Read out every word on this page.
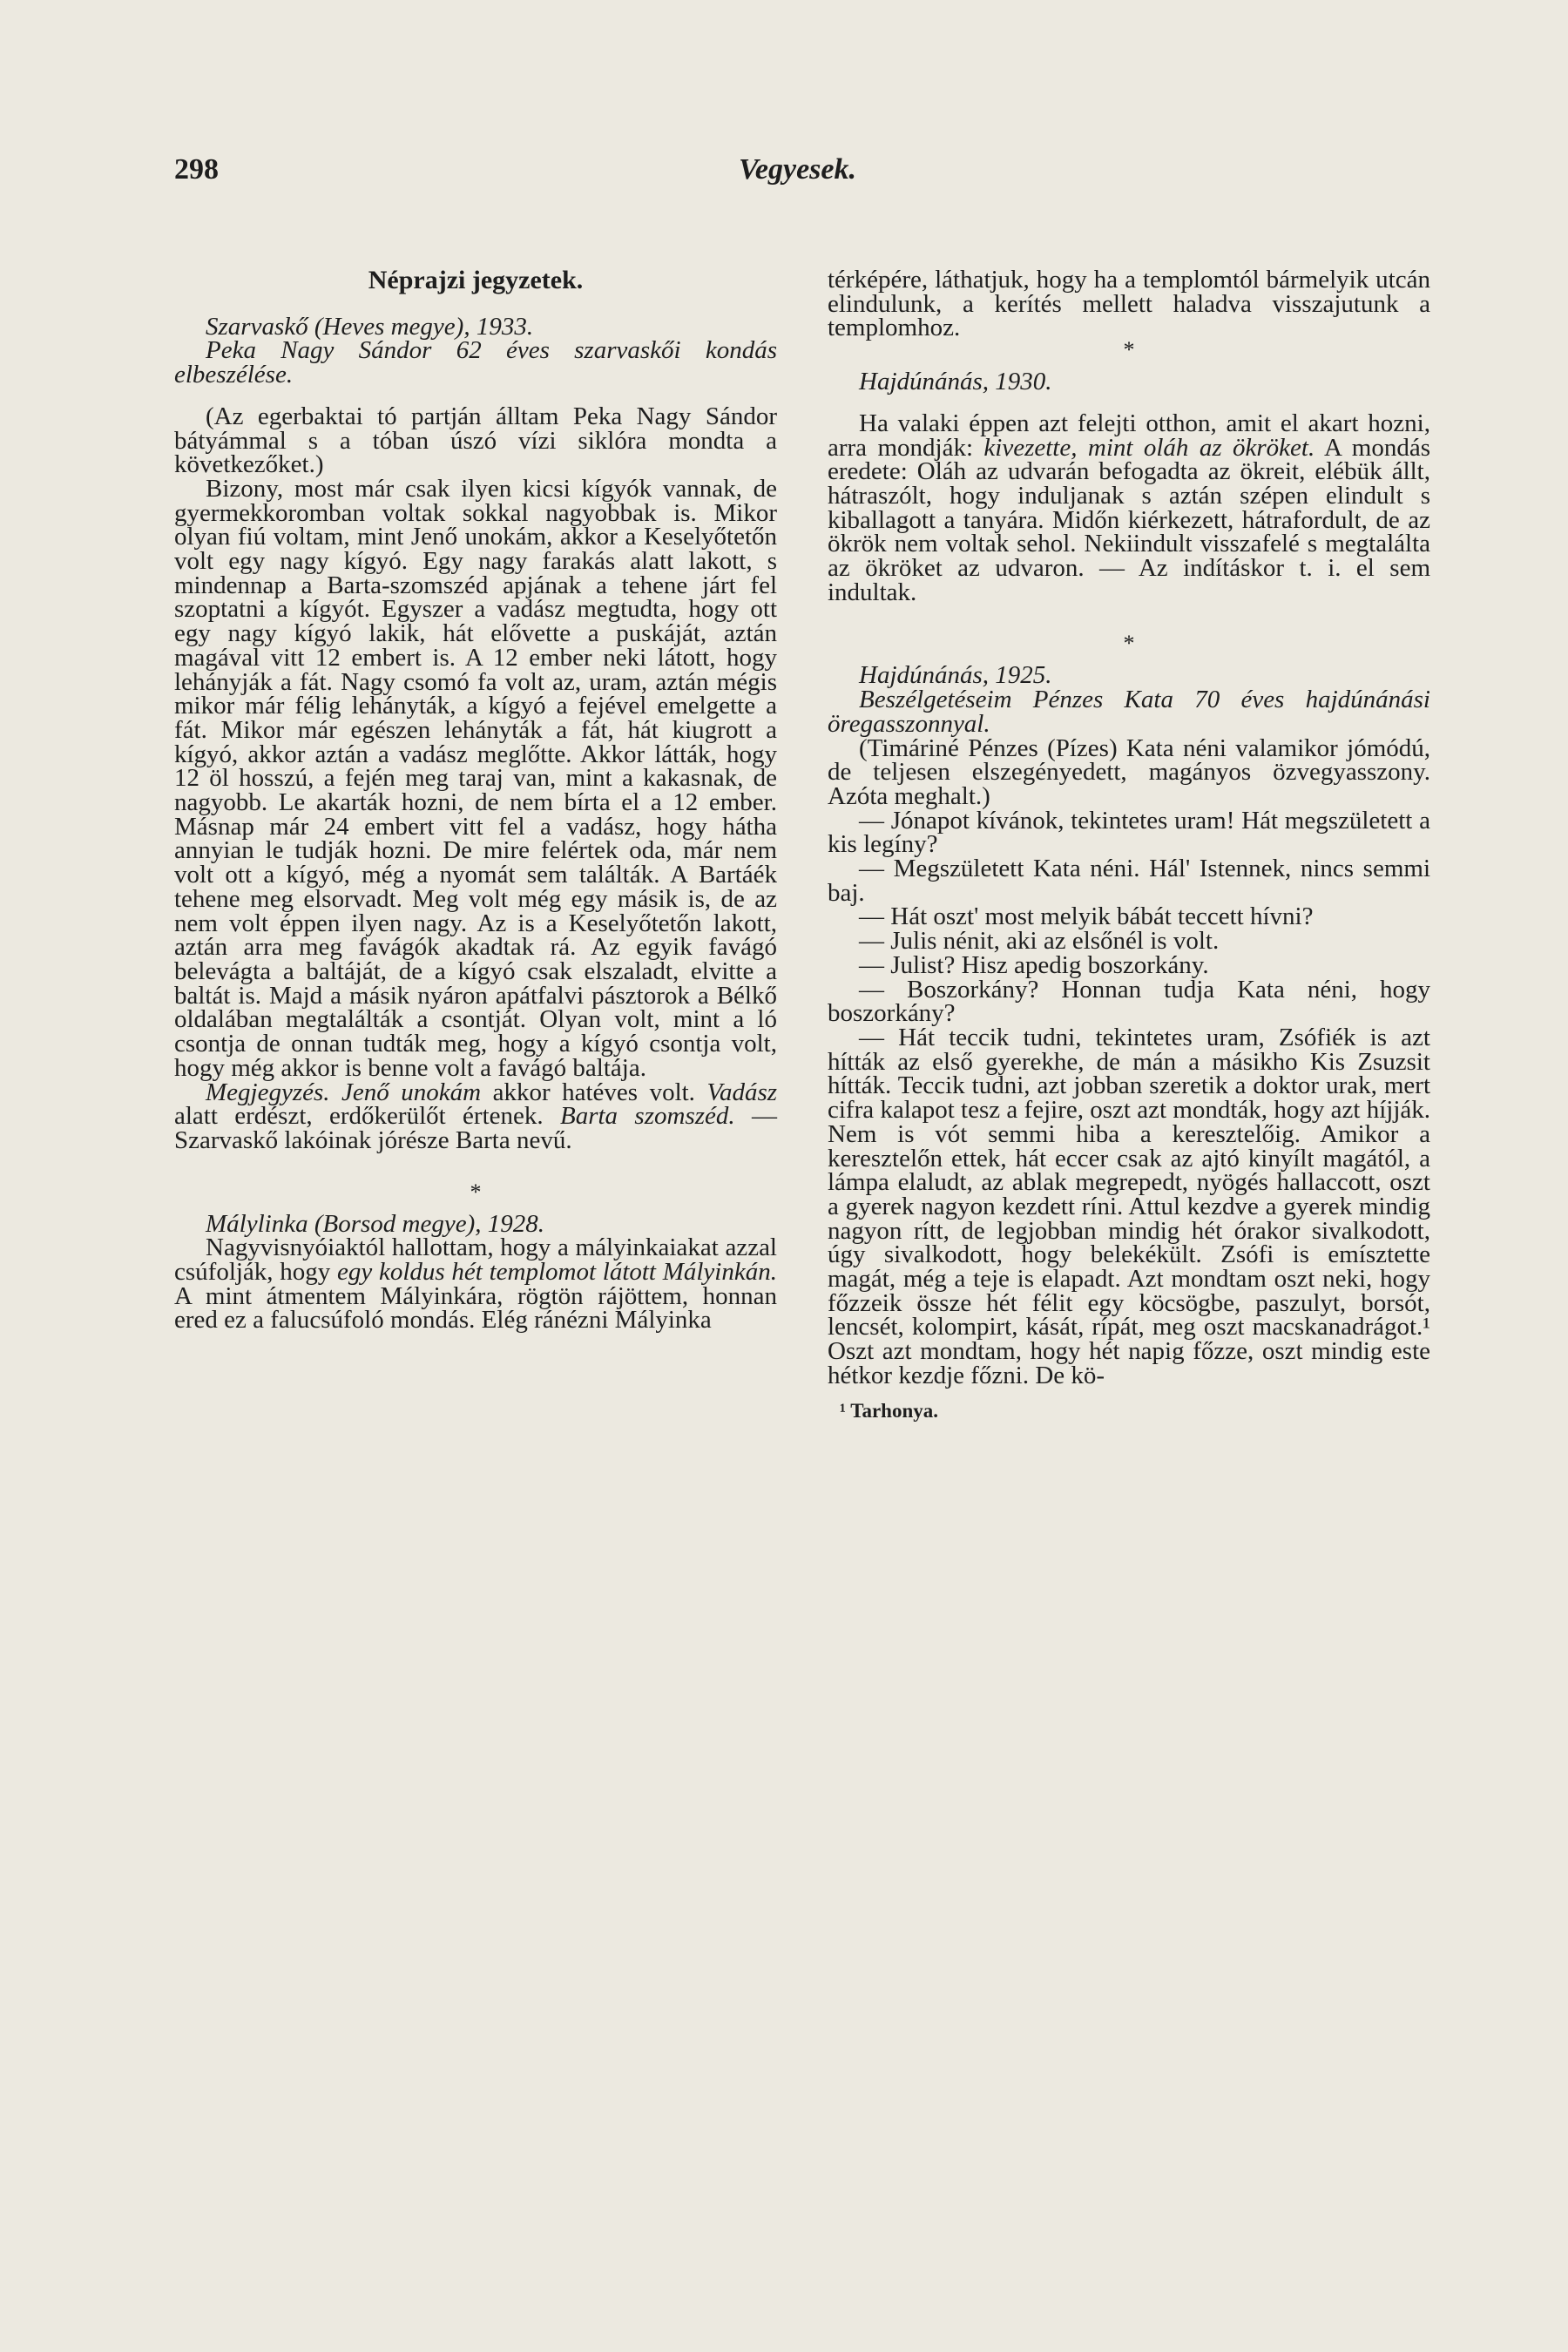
298	Vegyesek.

Néprajzi jegyzetek.

Szarvaskő (Heves megye), 1933.

Peka Nagy Sándor 62 éves szarvaskői kondás elbeszélése.

(Az egerbaktai tó partján álltam Peka Nagy Sándor bátyámmal s a tóban úszó vízi siklóra mondta a következőket.)

Bizony, most már csak ilyen kicsi kígyók vannak, de gyermekkoromban voltak sokkal nagyobbak is. Mikor olyan fiú voltam, mint Jenő unokám, akkor a Keselyőtetőn volt egy nagy kígyó. Egy nagy farakás alatt lakott, s mindennap a Barta-szomszéd apjának a tehene járt fel szoptatni a kígyót. Egyszer a vadász megtudta, hogy ott egy nagy kígyó lakik, hát elővette a puskáját, aztán magával vitt 12 embert is. A 12 ember neki látott, hogy lehányják a fát. Nagy csomó fa volt az, uram, aztán mégis mikor már félig lehányták, a kígyó a fejével emelgette a fát. Mikor már egészen lehányták a fát, hát kiugrott a kígyó, akkor aztán a vadász meglőtte. Akkor látták, hogy 12 öl hosszú, a fején meg taraj van, mint a kakasnak, de nagyobb. Le akarták hozni, de nem bírta el a 12 ember. Másnap már 24 embert vitt fel a vadász, hogy hátha annyian le tudják hozni. De mire felértek oda, már nem volt ott a kígyó, még a nyomát sem találták. A Bartáék tehene meg elsorvadt. Meg volt még egy másik is, de az nem volt éppen ilyen nagy. Az is a Keselyőtetőn lakott, aztán arra meg favágók akadtak rá. Az egyik favágó belevágta a baltáját, de a kígyó csak elszaladt, elvitte a baltát is. Majd a másik nyáron apátfalvi pásztorok a Bélkő oldalában megtalálták a csontját. Olyan volt, mint a ló csontja de onnan tudták meg, hogy a kígyó csontja volt, hogy még akkor is benne volt a favágó baltája.

Megjegyzés. Jenő unokám akkor hatéves volt. Vadász alatt erdészt, erdőkerülőt értenek. Barta szomszéd. — Szarvaskő lakóinak jórésze Barta nevű.

*

Málylinka (Borsod megye), 1928.

Nagyvisnyóiaktól hallottam, hogy a mályinkaiakat azzal csúfolják, hogy egy koldus hét templomot látott Mályinkán. A mint átmentem Mályinkára, rögtön rájöttem, honnan ered ez a falucsúfoló mondás. Elég ránézni Mályinka

térképére, láthatjuk, hogy ha a templomtól bármelyik utcán elindulunk, a kerítés mellett haladva visszajutunk a templomhoz.

*

Hajdúnánás, 1930.

Ha valaki éppen azt felejti otthon, amit el akart hozni, arra mondják: kivezette, mint oláh az ökröket. A mondás eredete: Oláh az udvarán befogadta az ökreit, elébük állt, hátraszólt, hogy induljanak s aztán szépen elindult s kiballagott a tanyára. Midőn kiérkezett, hátrafordult, de az ökrök nem voltak sehol. Nekiindult visszafelé s megtalálta az ökröket az udvaron. — Az indításkor t. i. el sem indultak.

*

Hajdúnánás, 1925.

Beszélgetéseim Pénzes Kata 70 éves hajdúnánási öregasszonnyal.

(Timáriné Pénzes (Pízes) Kata néni valamikor jómódú, de teljesen elszegényedett, magányos özvegyasszony. Azóta meghalt.)

— Jónapot kívánok, tekintetes uram! Hát megszületett a kis legíny?

— Megszületett Kata néni. Hál' Istennek, nincs semmi baj.

— Hát oszt' most melyik bábát teccett hívni?

— Julis nénit, aki az elsőnél is volt.

— Julist? Hisz apedig boszorkány.

— Boszorkány? Honnan tudja Kata néni, hogy boszorkány?

— Hát teccik tudni, tekintetes uram, Zsófiék is azt hítták az első gyerekhe, de mán a másikho Kis Zsuzsit hítták. Teccik tudni, azt jobban szeretik a doktor urak, mert cifra kalapot tesz a fejire, oszt azt mondták, hogy azt híjják. Nem is vót semmi hiba a keresztelőig. Amikor a keresztelőn ettek, hát eccer csak az ajtó kinyílt magától, a lámpa elaludt, az ablak megrepedt, nyögés hallaccott, oszt a gyerek nagyon kezdett ríni. Attul kezdve a gyerek mindig nagyon rítt, de legjobban mindig hét órakor sivalkodott, úgy sivalkodott, hogy belekékült. Zsófi is emísztette magát, még a teje is elapadt. Azt mondtam oszt neki, hogy főzzeik össze hét félit egy köcsögbe, paszulyt, borsót, lencsét, kolompirt, kását, rípát, meg oszt macskanadrágot.¹ Oszt azt mondtam, hogy hét napig főzze, oszt mindig este hétkor kezdje főzni. De kö-

¹ Tarhonya.
